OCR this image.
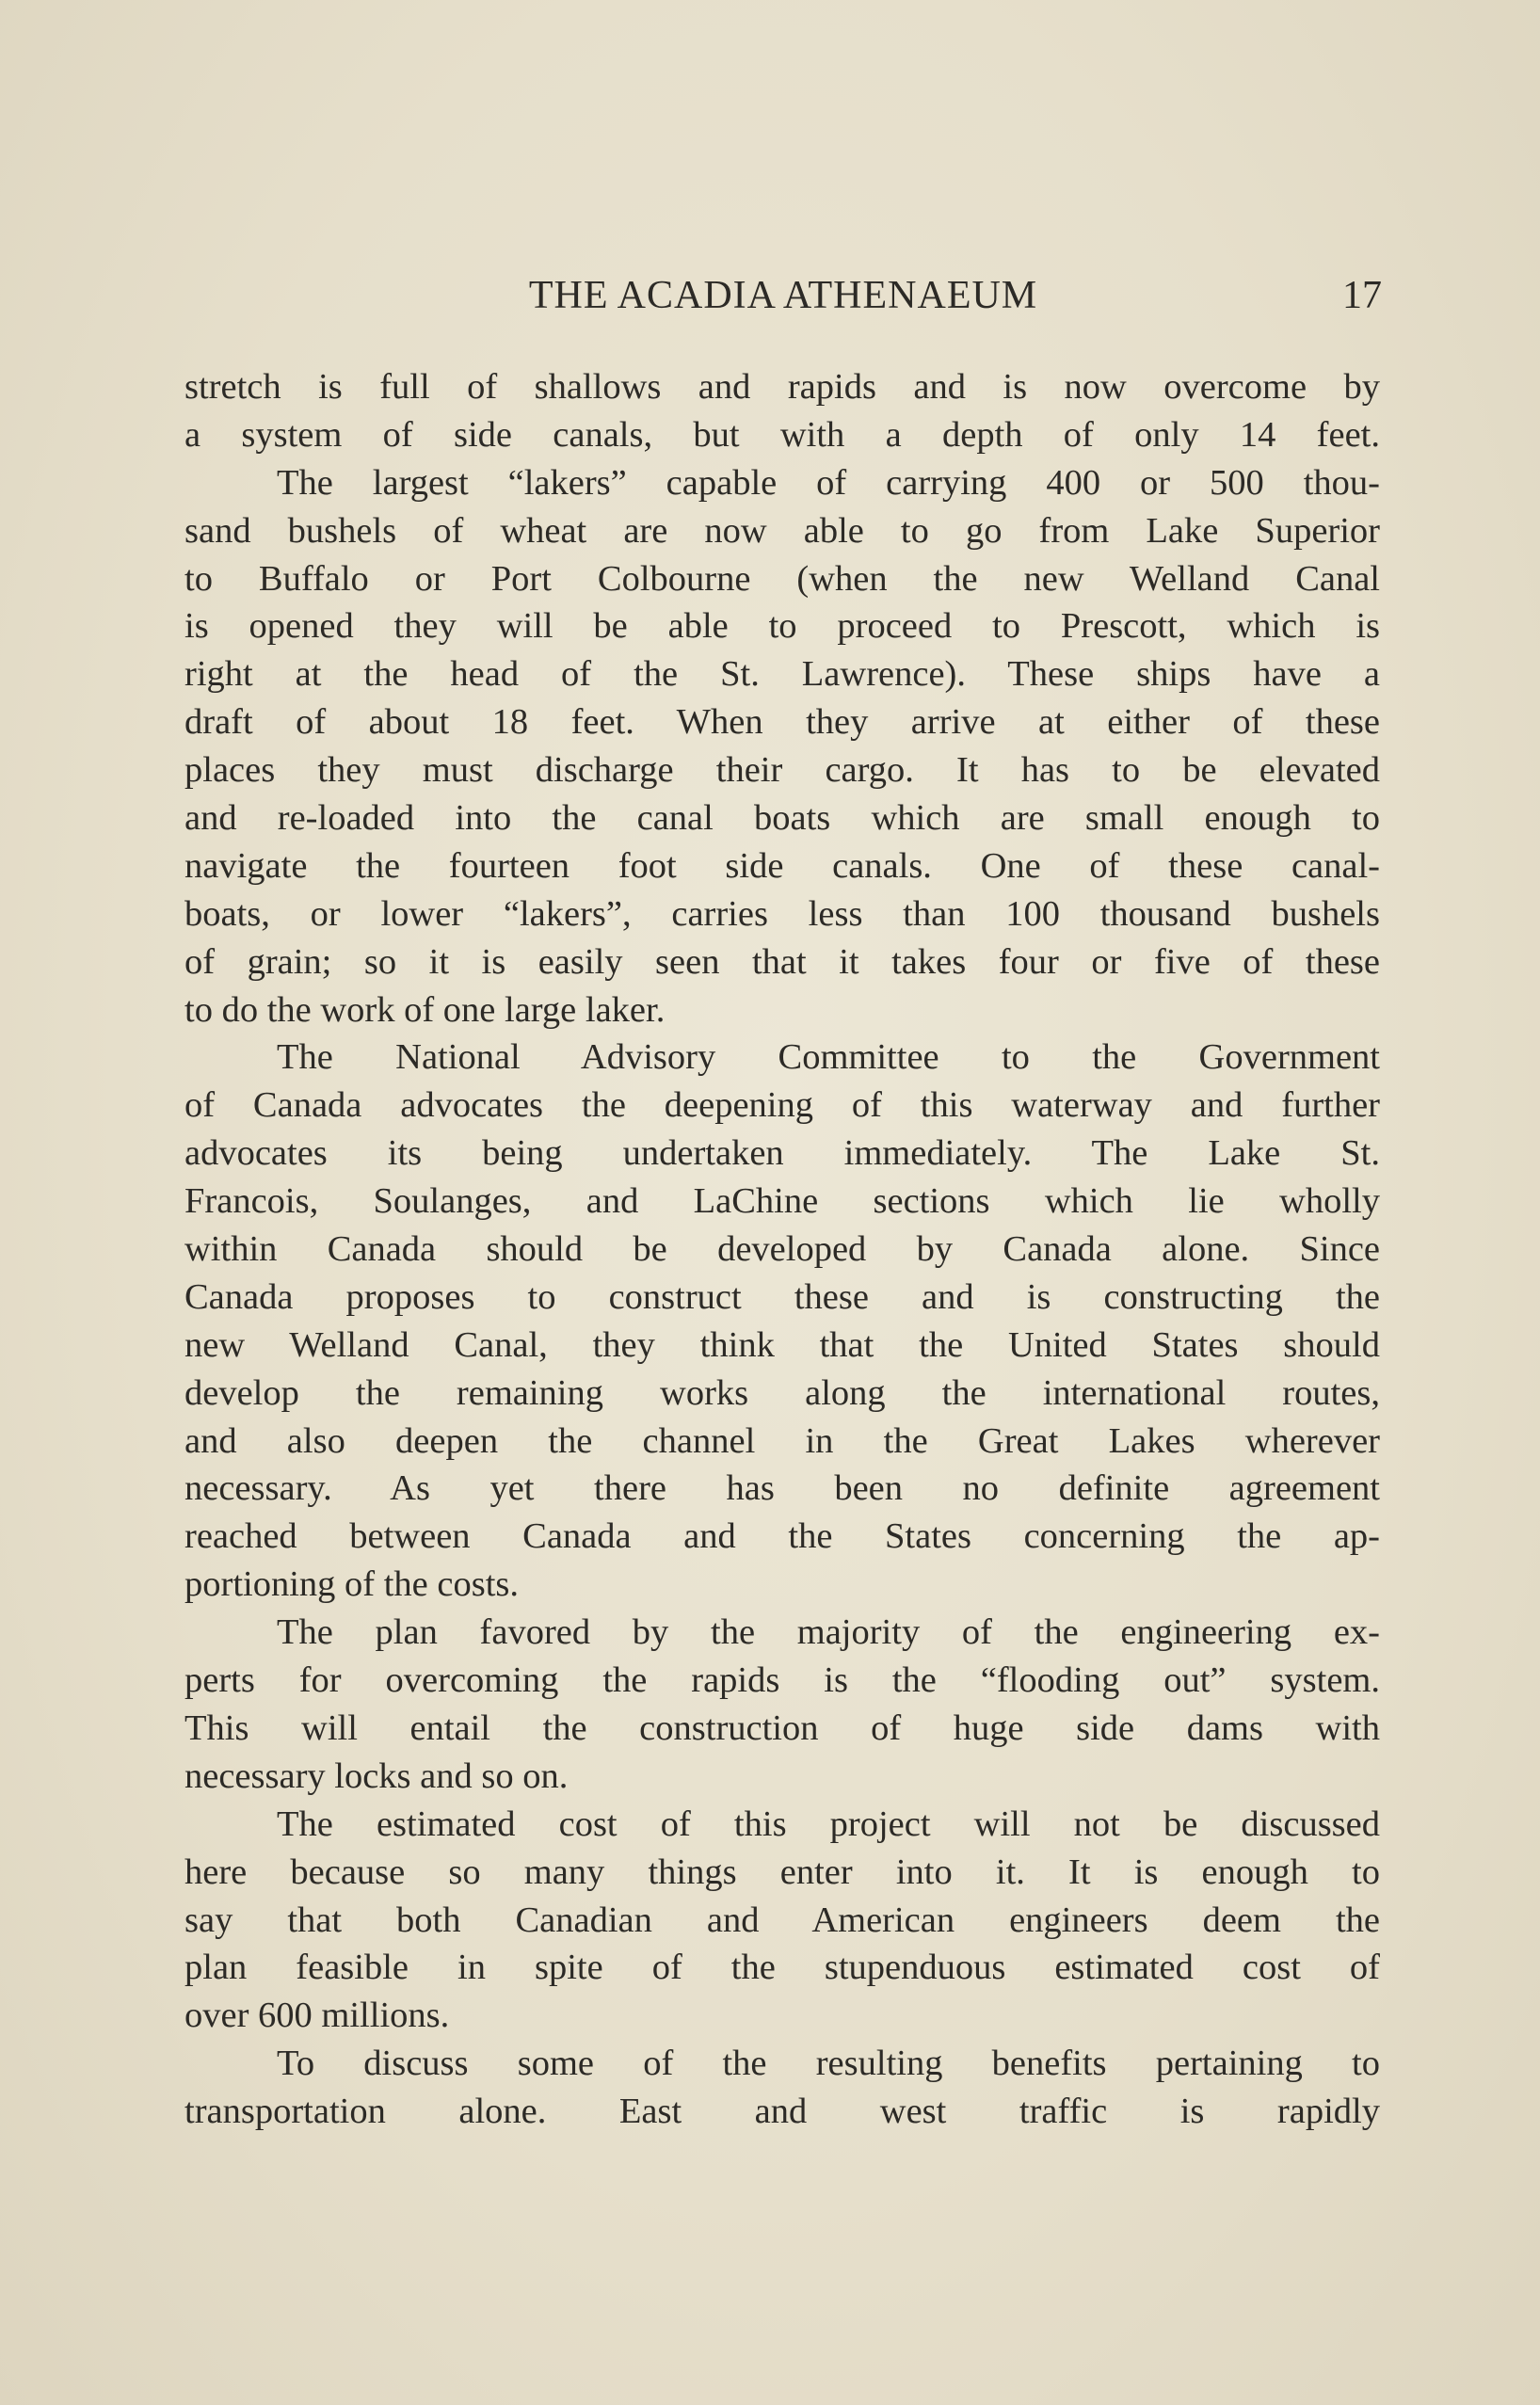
THE ACADIA ATHENAEUM	17
stretch is full of shallows and rapids and is now overcome by
a system of side canals, but with a depth of only 14 feet.
The largest “lakers” capable of carrying 400 or 500 thou-
sand bushels of wheat are now able to go from Lake Superior
to Buffalo or Port Colbourne (when the new Welland Canal
is opened they will be able to proceed to Prescott, which is
right at the head of the St. Lawrence). These ships have a
draft of about 18 feet. When they arrive at either of these
places they must discharge their cargo. It has to be elevated
and re-loaded into the canal boats which are small enough to
navigate the fourteen foot side canals. One of these canal-
boats, or lower “lakers”, carries less than 100 thousand bushels
of grain; so it is easily seen that it takes four or five of these
to do the work of one large laker.
The National Advisory Committee to the Government
of Canada advocates the deepening of this waterway and further
advocates its being undertaken immediately. The Lake St.
Francois, Soulanges, and LaChine sections which lie wholly
within Canada should be developed by Canada alone. Since
Canada proposes to construct these and is constructing the
new Welland Canal, they think that the United States should
develop the remaining works along the international routes,
and also deepen the channel in the Great Lakes wherever
necessary. As yet there has been no definite agreement
reached between Canada and the States concerning the ap-
portioning of the costs.
The plan favored by the majority of the engineering ex-
perts for overcoming the rapids is the “flooding out” system.
This will entail the construction of huge side dams with
necessary locks and so on.
The estimated cost of this project will not be discussed
here because so many things enter into it. It is enough to
say that both Canadian and American engineers deem the
plan feasible in spite of the stupenduous estimated cost of
over 600 millions.
To discuss some of the resulting benefits pertaining to
transportation alone. East and west traffic is rapidly
